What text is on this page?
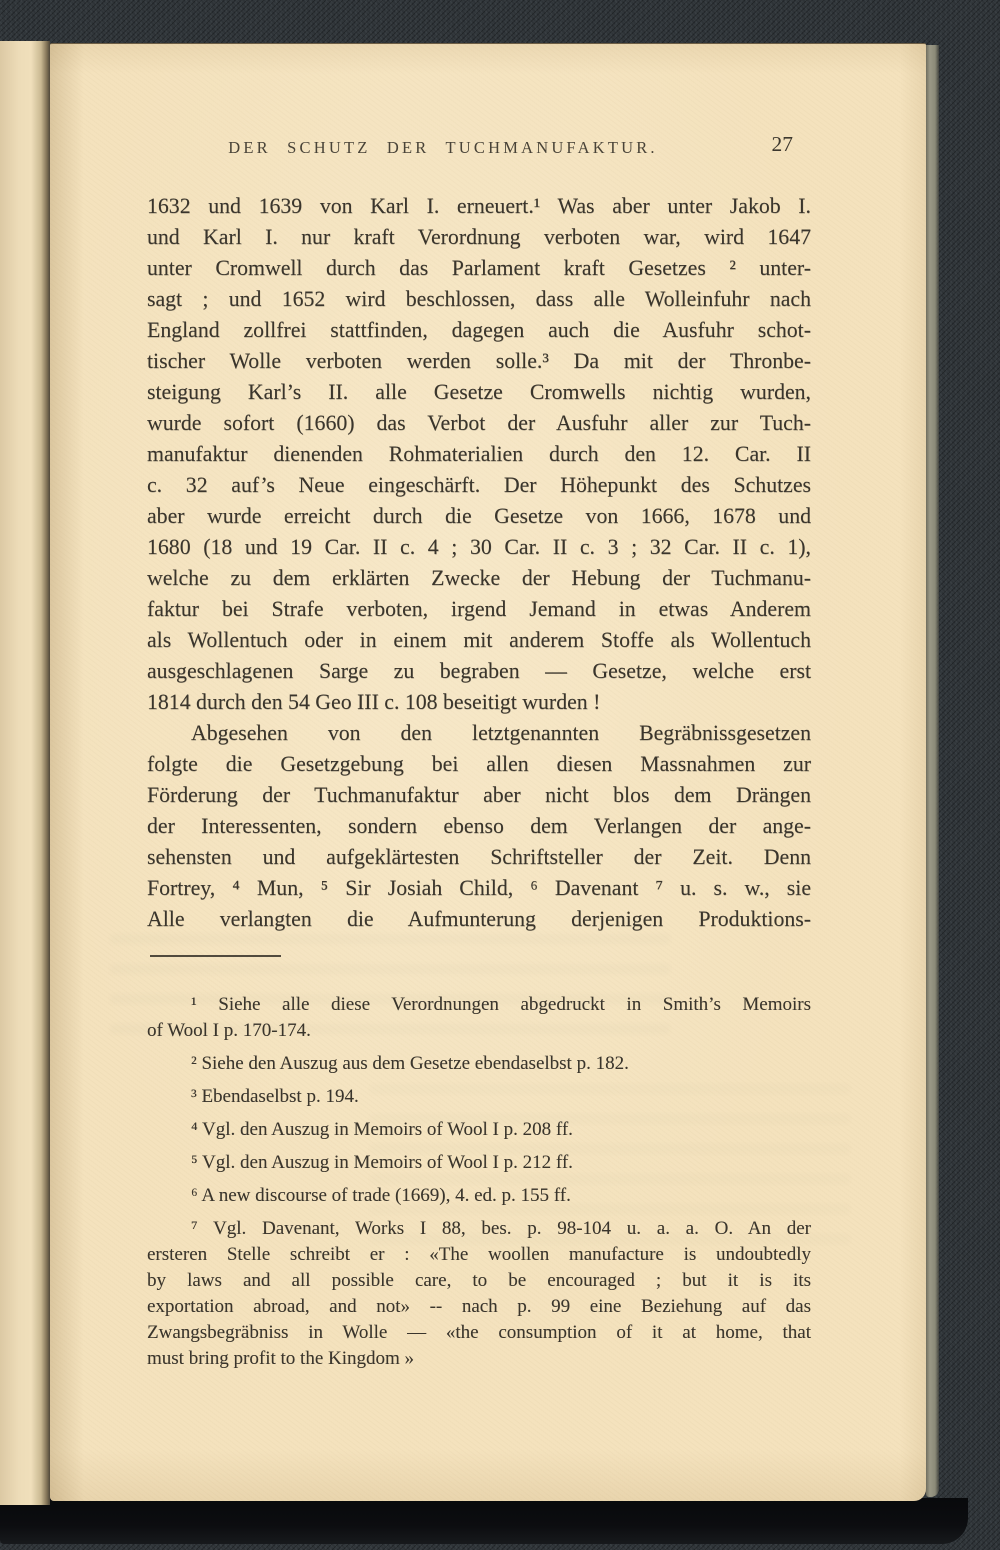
DER SCHUTZ DER TUCHMANUFAKTUR.	27
1632 und 1639 von Karl I. erneuert.¹ Was aber unter Jakob I.
und Karl I. nur kraft Verordnung verboten war, wird 1647
unter Cromwell durch das Parlament kraft Gesetzes ² unter-
sagt ; und 1652 wird beschlossen, dass alle Wolleinfuhr nach
England zollfrei stattfinden, dagegen auch die Ausfuhr schot-
tischer Wolle verboten werden solle.³ Da mit der Thronbe-
steigung Karl’s II. alle Gesetze Cromwells nichtig wurden,
wurde sofort (1660) das Verbot der Ausfuhr aller zur Tuch-
manufaktur dienenden Rohmaterialien durch den 12. Car. II
c. 32 auf’s Neue eingeschärft. Der Höhepunkt des Schutzes
aber wurde erreicht durch die Gesetze von 1666, 1678 und
1680 (18 und 19 Car. II c. 4 ; 30 Car. II c. 3 ; 32 Car. II c. 1),
welche zu dem erklärten Zwecke der Hebung der Tuchmanu-
faktur bei Strafe verboten, irgend Jemand in etwas Anderem
als Wollentuch oder in einem mit anderem Stoffe als Wollentuch
ausgeschlagenen Sarge zu begraben — Gesetze, welche erst
1814 durch den 54 Geo III c. 108 beseitigt wurden !
Abgesehen von den letztgenannten Begräbnissgesetzen
folgte die Gesetzgebung bei allen diesen Massnahmen zur
Förderung der Tuchmanufaktur aber nicht blos dem Drängen
der Interessenten, sondern ebenso dem Verlangen der ange-
sehensten und aufgeklärtesten Schriftsteller der Zeit. Denn
Fortrey, ⁴ Mun, ⁵ Sir Josiah Child, ⁶ Davenant ⁷ u. s. w., sie
Alle verlangten die Aufmunterung derjenigen Produktions-
¹ Siehe alle diese Verordnungen abgedruckt in Smith’s Memoirs
of Wool I p. 170-174.
² Siehe den Auszug aus dem Gesetze ebendaselbst p. 182.
³ Ebendaselbst p. 194.
⁴ Vgl. den Auszug in Memoirs of Wool I p. 208 ff.
⁵ Vgl. den Auszug in Memoirs of Wool I p. 212 ff.
⁶ A new discourse of trade (1669), 4. ed. p. 155 ff.
⁷ Vgl. Davenant, Works I 88, bes. p. 98-104 u. a. a. O. An der
ersteren Stelle schreibt er : «The woollen manufacture is undoubtedly
by laws and all possible care, to be encouraged ; but it is its
exportation abroad, and not» -- nach p. 99 eine Beziehung auf das
Zwangsbegräbniss in Wolle — «the consumption of it at home, that
must bring profit to the Kingdom »
